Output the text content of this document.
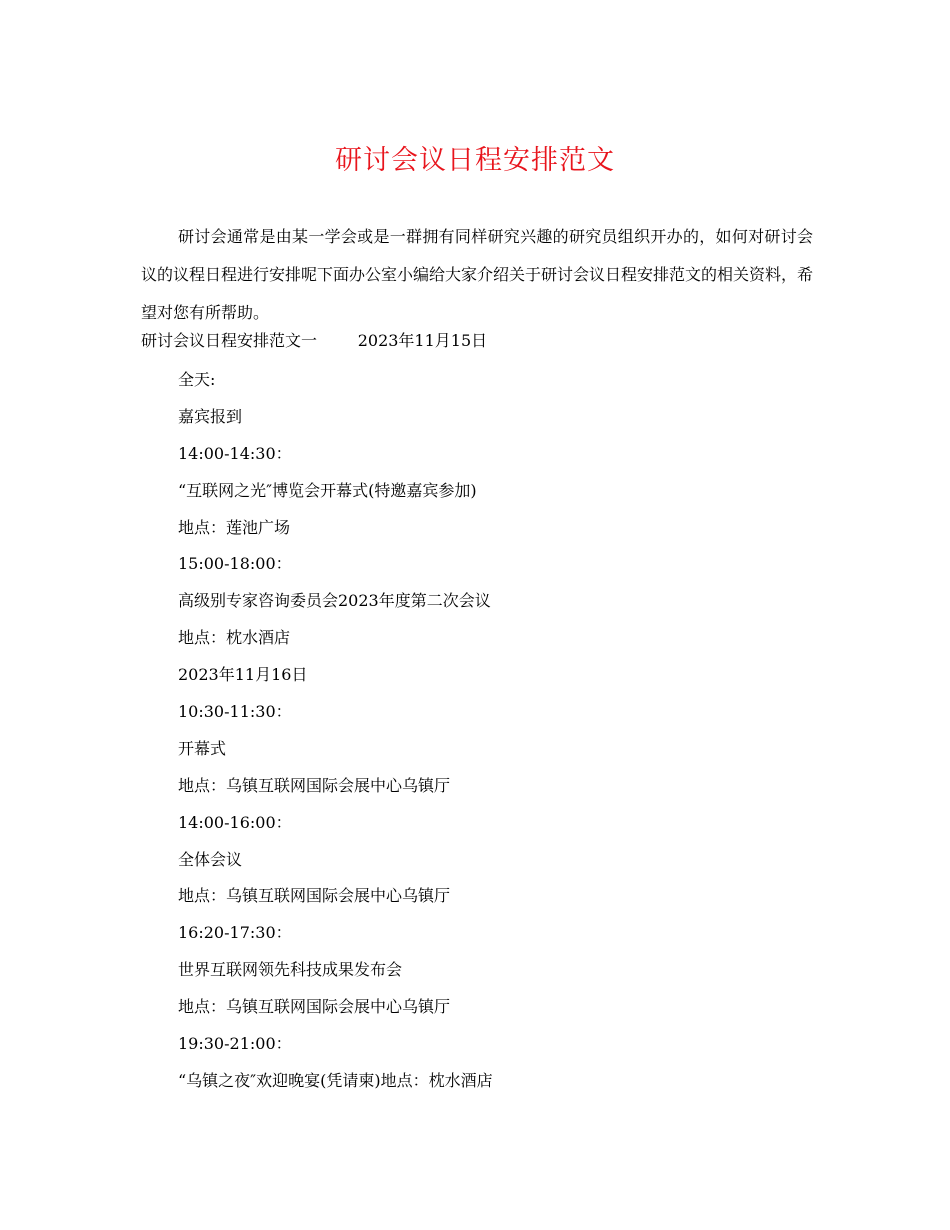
研讨会议日程安排范文

研讨会通常是由某一学会或是一群拥有同样研究兴趣的研究员组织开办的，如何对研讨会议的议程日程进行安排呢下面办公室小编给大家介绍关于研讨会议日程安排范文的相关资料，希望对您有所帮助。

研讨会议日程安排范文一	2023年11月15日
全天:
嘉宾报到
14:00-14:30：
“互联网之光″博览会开幕式(特邀嘉宾参加)
地点：莲池广场
15:00-18:00：
高级别专家咨询委员会2023年度第二次会议
地点：枕水酒店
2023年11月16日
10:30-11:30：
开幕式
地点：乌镇互联网国际会展中心乌镇厅
14:00-16:00：
全体会议
地点：乌镇互联网国际会展中心乌镇厅
16:20-17:30：
世界互联网领先科技成果发布会
地点：乌镇互联网国际会展中心乌镇厅
19:30-21:00：
“乌镇之夜″欢迎晚宴(凭请柬)地点：枕水酒店
